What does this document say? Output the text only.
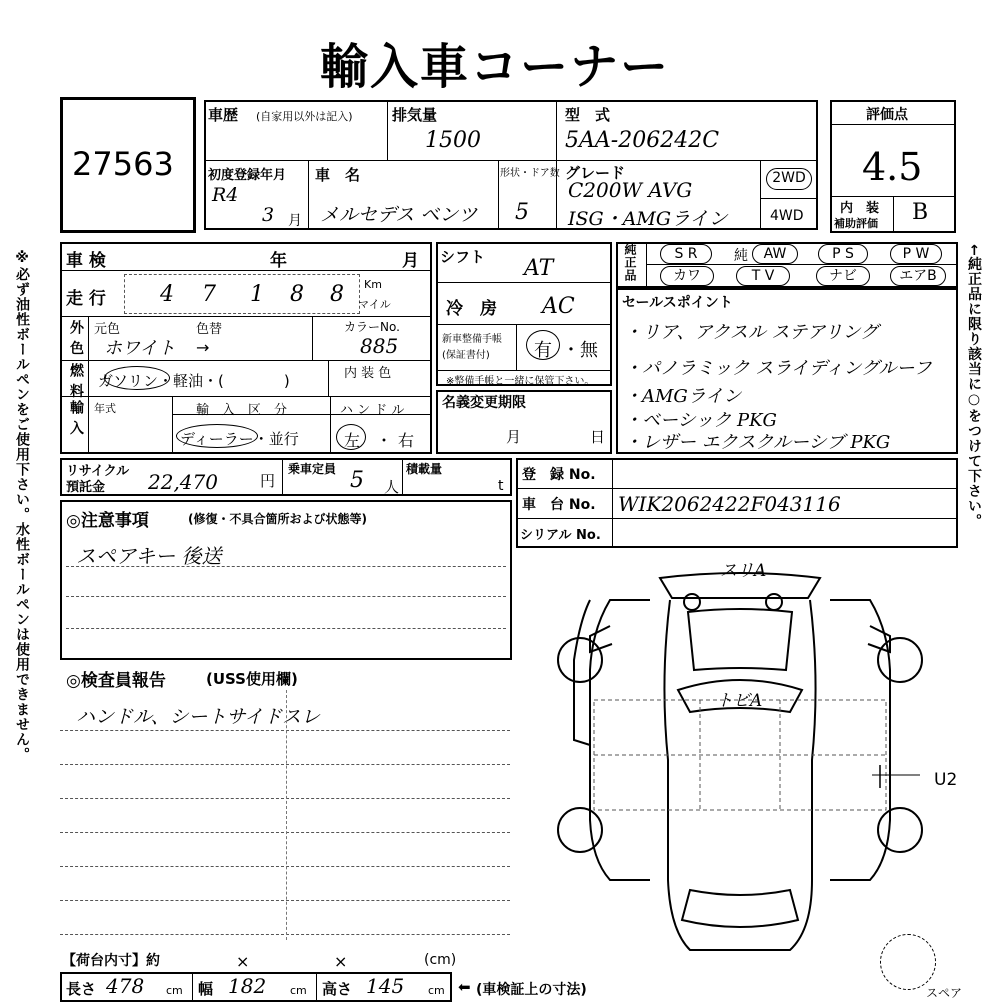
輸入車コーナー
※必ず油性ボールペンをご使用下さい。水性ボールペンは使用できません。
27563
車歴 (自家用以外は記入)	排気量
1500
型　式
5AA-206242C
初度登録年月
R4
3 月
車　名
メルセデス ベンツ
形状・ドア数
5
グレード
C200W AVG
ISG・AMGライン
2WD
4WD
評価点
4.5
内　装
補助評価 B
車 検	年	月
走 行 4 7 1 8 8 Km
マイル
外 色 元色	色替
ホワイト →
カラーNo.
885
燃 料 ガソリン・軽油・(　　　　)	内 装 色
輸 入 年式	輸　入　区　分
ディーラー・並行
ハ ン ド ル
左 ・ 右
シフト AT
冷　房 AC
新車整備手帳
(保証書付) 有 ・ 無
※整備手帳と一緒に保管下さい。
名義変更期限
月	日
純正品	S R	純	AW	P S	P W
カワ	T V	ナビ	エアB	←純正品に限り該当に○をつけて下さい。
セールスポイント
・リア、アクスル ステアリング
・パノラミック スライディングルーフ
・AMGライン
・ベーシック PKG
・レザー エクスクルーシブ PKG
リサイクル
預託金 22,470	円
乗車定員 5 人
積載量
t
登　録 No.
車　台 No. WIK2062422F043116
シリアル No.
◎注意事項	(修復・不具合箇所および状態等)
スペアキー 後送
◎検査員報告	(USS使用欄)
ハンドル、シートサイドスレ
スリA
トビA
U2
スペア
【荷台内寸】約	×	×	(cm)
長さ 478 cm 幅 182 cm 高さ 145 cm ⬅ (車検証上の寸法)
